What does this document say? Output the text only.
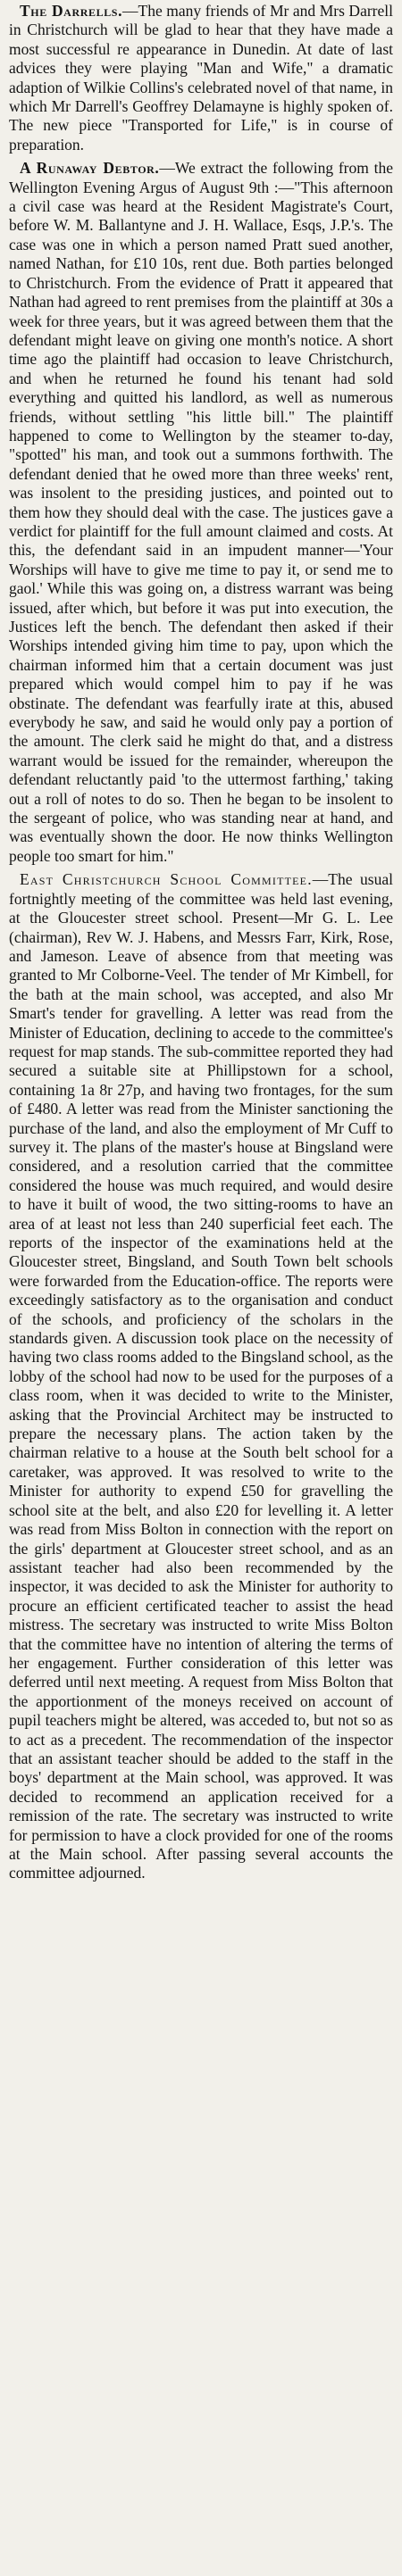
The Darrells.—The many friends of Mr and Mrs Darrell in Christchurch will be glad to hear that they have made a most successful re appearance in Dunedin. At date of last advices they were playing "Man and Wife," a dramatic adaption of Wilkie Collins's celebrated novel of that name, in which Mr Darrell's Geoffrey Delamayne is highly spoken of. The new piece "Transported for Life," is in course of preparation.

A Runaway Debtor.—We extract the following from the Wellington Evening Argus of August 9th :—"This afternoon a civil case was heard at the Resident Magistrate's Court, before W. M. Ballantyne and J. H. Wallace, Esqs, J.P.'s. The case was one in which a person named Pratt sued another, named Nathan, for £10 10s, rent due. Both parties belonged to Christchurch. From the evidence of Pratt it appeared that Nathan had agreed to rent premises from the plaintiff at 30s a week for three years, but it was agreed between them that the defendant might leave on giving one month's notice. A short time ago the plaintiff had occasion to leave Christchurch, and when he returned he found his tenant had sold everything and quitted his landlord, as well as numerous friends, without settling "his little bill." The plaintiff happened to come to Wellington by the steamer to-day, "spotted" his man, and took out a summons forthwith. The defendant denied that he owed more than three weeks' rent, was insolent to the presiding justices, and pointed out to them how they should deal with the case. The justices gave a verdict for plaintiff for the full amount claimed and costs. At this, the defendant said in an impudent manner—'Your Worships will have to give me time to pay it, or send me to gaol.' While this was going on, a distress warrant was being issued, after which, but before it was put into execution, the Justices left the bench. The defendant then asked if their Worships intended giving him time to pay, upon which the chairman informed him that a certain document was just prepared which would compel him to pay if he was obstinate. The defendant was fearfully irate at this, abused everybody he saw, and said he would only pay a portion of the amount. The clerk said he might do that, and a distress warrant would be issued for the remainder, whereupon the defendant reluctantly paid 'to the uttermost farthing,' taking out a roll of notes to do so. Then he began to be insolent to the sergeant of police, who was standing near at hand, and was eventually shown the door. He now thinks Wellington people too smart for him."

East Christchurch School Committee.—The usual fortnightly meeting of the committee was held last evening, at the Gloucester street school. Present—Mr G. L. Lee (chairman), Rev W. J. Habens, and Messrs Farr, Kirk, Rose, and Jameson. Leave of absence from that meeting was granted to Mr Colborne-Veel. The tender of Mr Kimbell, for the bath at the main school, was accepted, and also Mr Smart's tender for gravelling. A letter was read from the Minister of Education, declining to accede to the committee's request for map stands. The sub-committee reported they had secured a suitable site at Phillipstown for a school, containing 1a 8r 27p, and having two frontages, for the sum of £480. A letter was read from the Minister sanctioning the purchase of the land, and also the employment of Mr Cuff to survey it. The plans of the master's house at Bingsland were considered, and a resolution carried that the committee considered the house was much required, and would desire to have it built of wood, the two sitting-rooms to have an area of at least not less than 240 superficial feet each. The reports of the inspector of the examinations held at the Gloucester street, Bingsland, and South Town belt schools were forwarded from the Education-office. The reports were exceedingly satisfactory as to the organisation and conduct of the schools, and proficiency of the scholars in the standards given. A discussion took place on the necessity of having two class rooms added to the Bingsland school, as the lobby of the school had now to be used for the purposes of a class room, when it was decided to write to the Minister, asking that the Provincial Architect may be instructed to prepare the necessary plans. The action taken by the chairman relative to a house at the South belt school for a caretaker, was approved. It was resolved to write to the Minister for authority to expend £50 for gravelling the school site at the belt, and also £20 for levelling it. A letter was read from Miss Bolton in connection with the report on the girls' department at Gloucester street school, and as an assistant teacher had also been recommended by the inspector, it was decided to ask the Minister for authority to procure an efficient certificated teacher to assist the head mistress. The secretary was instructed to write Miss Bolton that the committee have no intention of altering the terms of her engagement. Further consideration of this letter was deferred until next meeting. A request from Miss Bolton that the apportionment of the moneys received on account of pupil teachers might be altered, was acceded to, but not so as to act as a precedent. The recommendation of the inspector that an assistant teacher should be added to the staff in the boys' department at the Main school, was approved. It was decided to recommend an application received for a remission of the rate. The secretary was instructed to write for permission to have a clock provided for one of the rooms at the Main school. After passing several accounts the committee adjourned.
